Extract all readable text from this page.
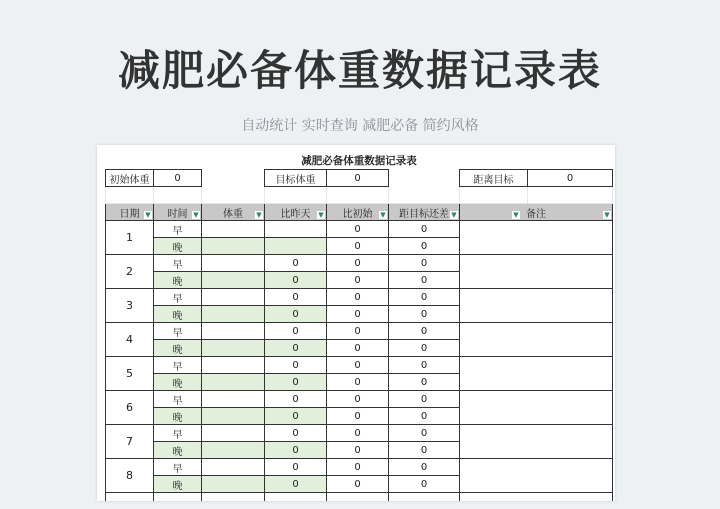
减肥必备体重数据记录表
自动统计 实时查询 减肥必备 简约风格
减肥必备体重数据记录表							
初始体重	0		目标体重	0		距离目标	0

日期 ▼	时间 ▼	体重 ▼	比昨天 ▼	比初始 ▼	距目标还差 ▼	▼ 备注 ▼	

1	早			0	0		
	晚			0	0		
2	早		0	0	0		
	晚		0	0	0		
3	早		0	0	0		
	晚		0	0	0		
4	早		0	0	0		
	晚		0	0	0		
5	早		0	0	0		
	晚		0	0	0		
6	早		0	0	0		
	晚		0	0	0		
7	早		0	0	0		
	晚		0	0	0		
8	早		0	0	0		
	晚		0	0	0		
